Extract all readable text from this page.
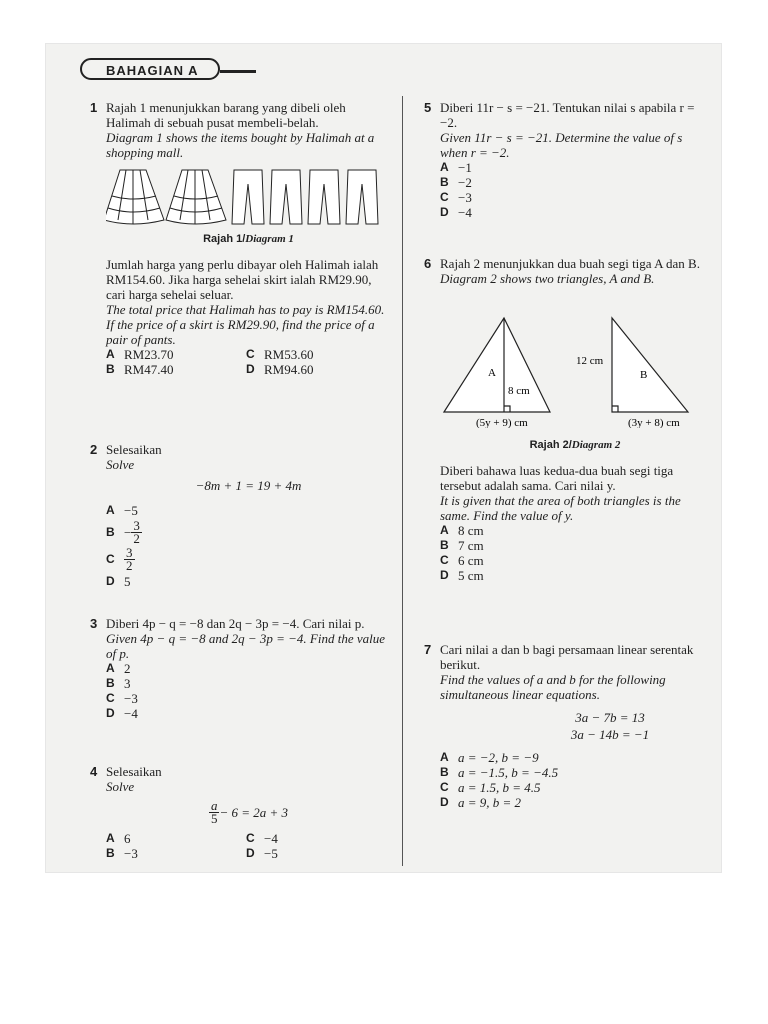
BAHAGIAN A
1 Rajah 1 menunjukkan barang yang dibeli oleh Halimah di sebuah pusat membeli-belah.
Diagram 1 shows the items bought by Halimah at a shopping mall.
Rajah 1/Diagram 1
Jumlah harga yang perlu dibayar oleh Halimah ialah RM154.60. Jika harga sehelai skirt ialah RM29.90, cari harga sehelai seluar.
The total price that Halimah has to pay is RM154.60. If the price of a skirt is RM29.90, find the price of a pair of pants.
A RM23.70	C RM53.60
B RM47.40	D RM94.60
2 Selesaikan
Solve
−8m + 1 = 19 + 4m
A −5
$B - \frac{3}{2}$
C $\frac{3}{2}$
D 5
3 Diberi 4p − q = −8 dan 2q − 3p = −4. Cari nilai p.
Given 4p − q = −8 and 2q − 3p = −4. Find the value of p.
A 2
B 3
C −3
D −4
4 Selesaikan
Solve
$\frac{a}{5} - 6 = 2a + 3$
A 6	C −4
B −3	D −5
5 Diberi 11r − s = −21. Tentukan nilai s apabila r = −2.
Given 11r − s = −21. Determine the value of s when r = −2.
A −1
B −2
C −3
D −4
6 Rajah 2 menunjukkan dua buah segi tiga A dan B.
Diagram 2 shows two triangles, A and B.
A
8 cm
(5y + 9) cm
12 cm
B
(3y + 8) cm
Rajah 2/Diagram 2
Diberi bahawa luas kedua-dua buah segi tiga tersebut adalah sama. Cari nilai y.
It is given that the area of both triangles is the same. Find the value of y.
A 8 cm
B 7 cm
C 6 cm
D 5 cm
7 Cari nilai a dan b bagi persamaan linear serentak berikut.
Find the values of a and b for the following simultaneous linear equations.
3a − 7b = 13
3a − 14b = −1
A a = −2, b = −9
B a = −1.5, b = −4.5
C a = 1.5, b = 4.5
D a = 9, b = 2
